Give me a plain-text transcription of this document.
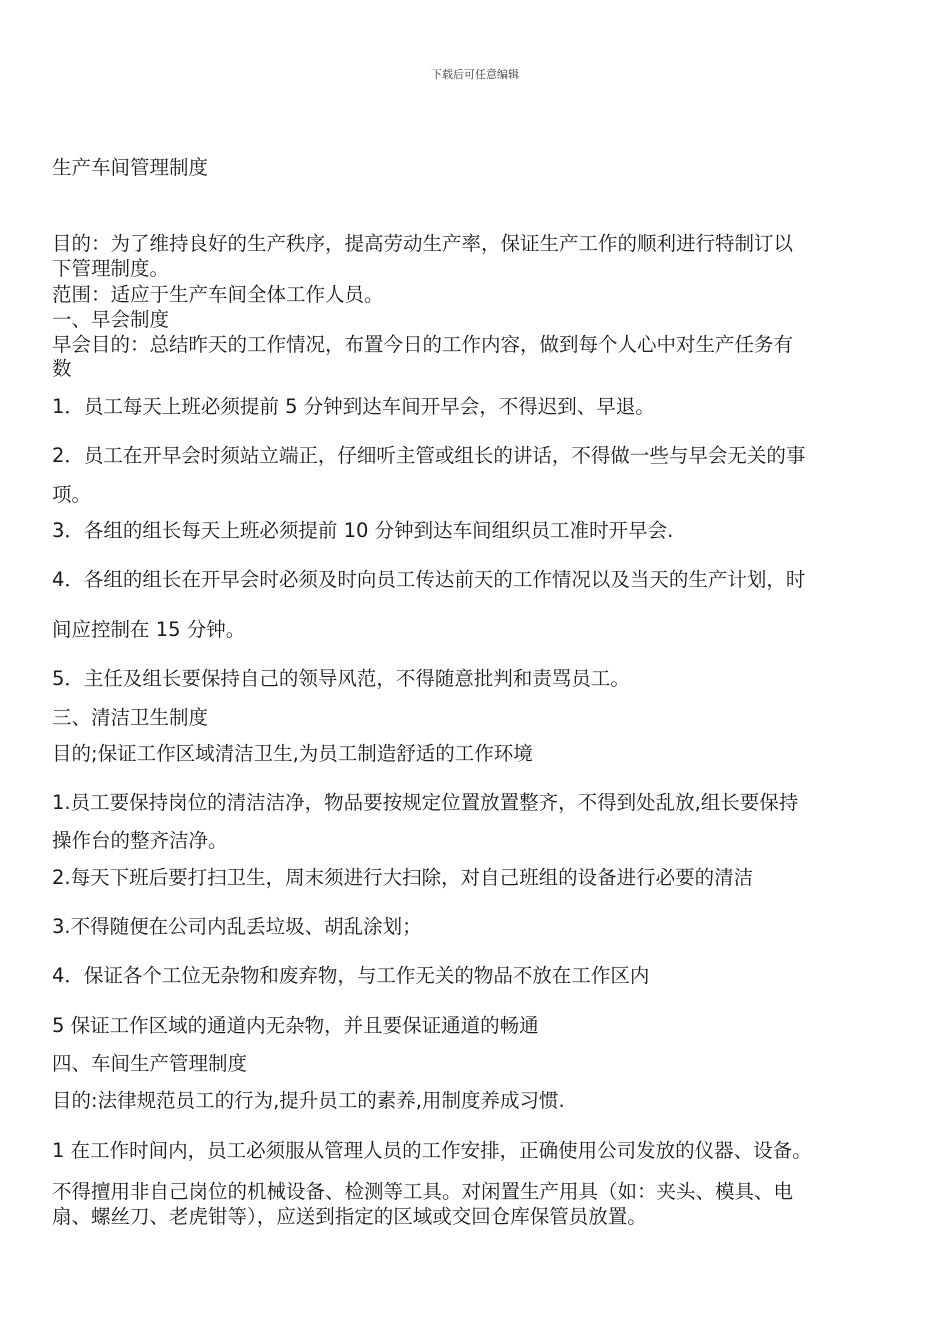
下载后可任意编辑
生产车间管理制度
目的：为了维持良好的生产秩序，提高劳动生产率，保证生产工作的顺利进行特制订以
下管理制度。
范围：适应于生产车间全体工作人员。
一、早会制度
早会目的：总结昨天的工作情况，布置今日的工作内容，做到每个人心中对生产任务有
数
1．员工每天上班必须提前 5 分钟到达车间开早会，不得迟到、早退。
2．员工在开早会时须站立端正，仔细听主管或组长的讲话，不得做一些与早会无关的事
项。
3．各组的组长每天上班必须提前 10 分钟到达车间组织员工准时开早会.
4．各组的组长在开早会时必须及时向员工传达前天的工作情况以及当天的生产计划，时
间应控制在 15 分钟。
5．主任及组长要保持自己的领导风范，不得随意批判和责骂员工。
三、清洁卫生制度
目的;保证工作区域清洁卫生,为员工制造舒适的工作环境
1.员工要保持岗位的清洁洁净，物品要按规定位置放置整齐，不得到处乱放,组长要保持
操作台的整齐洁净。
2.每天下班后要打扫卫生，周末须进行大扫除，对自己班组的设备进行必要的清洁
3.不得随便在公司内乱丢垃圾、胡乱涂划；
4．保证各个工位无杂物和废弃物，与工作无关的物品不放在工作区内
5 保证工作区域的通道内无杂物，并且要保证通道的畅通
四、车间生产管理制度
目的:法律规范员工的行为,提升员工的素养,用制度养成习惯.
1 在工作时间内，员工必须服从管理人员的工作安排，正确使用公司发放的仪器、设备。
不得擅用非自己岗位的机械设备、检测等工具。对闲置生产用具（如：夹头、模具、电
扇、螺丝刀、老虎钳等），应送到指定的区域或交回仓库保管员放置。
